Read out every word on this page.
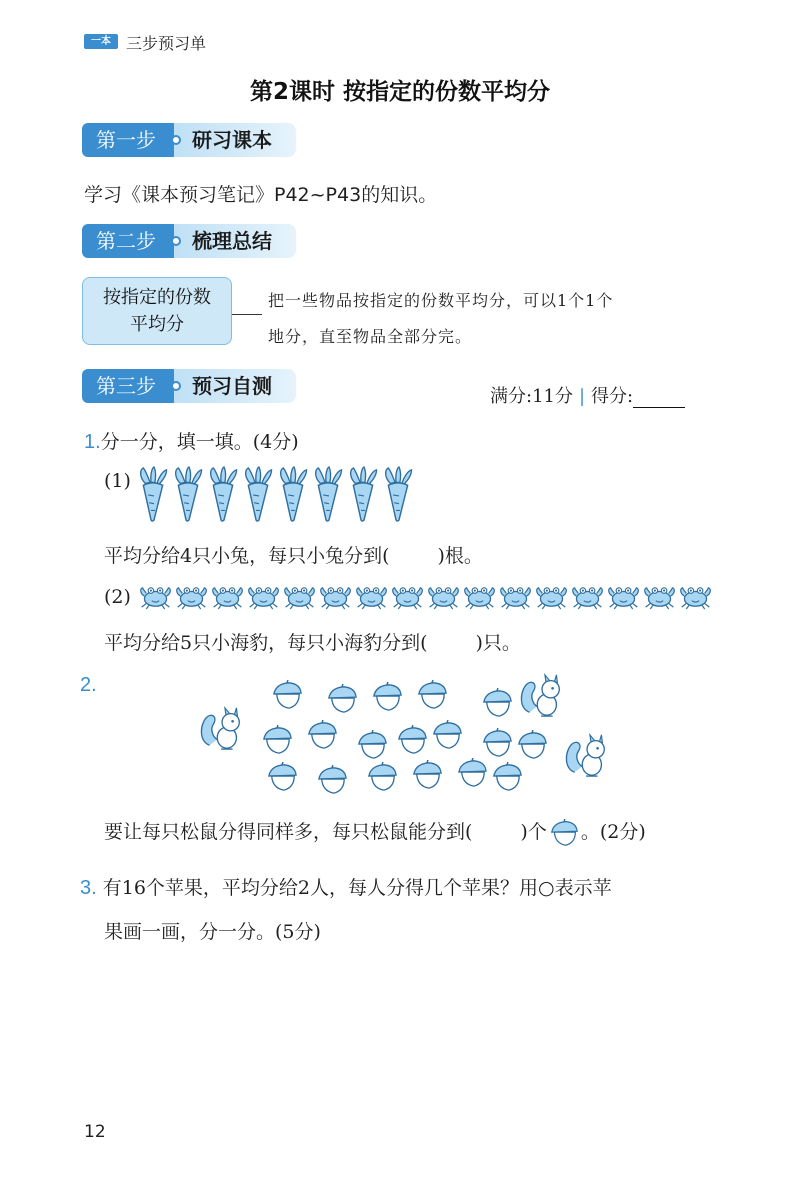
一本 三步预习单
第2课时 按指定的份数平均分
第一步	研习课本
学习《课本预习笔记》P42~P43的知识。
第二步	梳理总结
按指定的份数
平均分
把一些物品按指定的份数平均分，可以1个1个
地分，直至物品全部分完。
第三步	预习自测	满分:11分 | 得分:
1.分一分，填一填。(4分)
(1)
平均分给4只小兔，每只小兔分到(	)根。
(2)
平均分给5只小海豹，每只小海豹分到(	)只。
2.
要让每只松鼠分得同样多，每只松鼠能分到(	)个 。(2分)
3. 有16个苹果，平均分给2人，每人分得几个苹果？用○表示苹
果画一画，分一分。(5分)
12
